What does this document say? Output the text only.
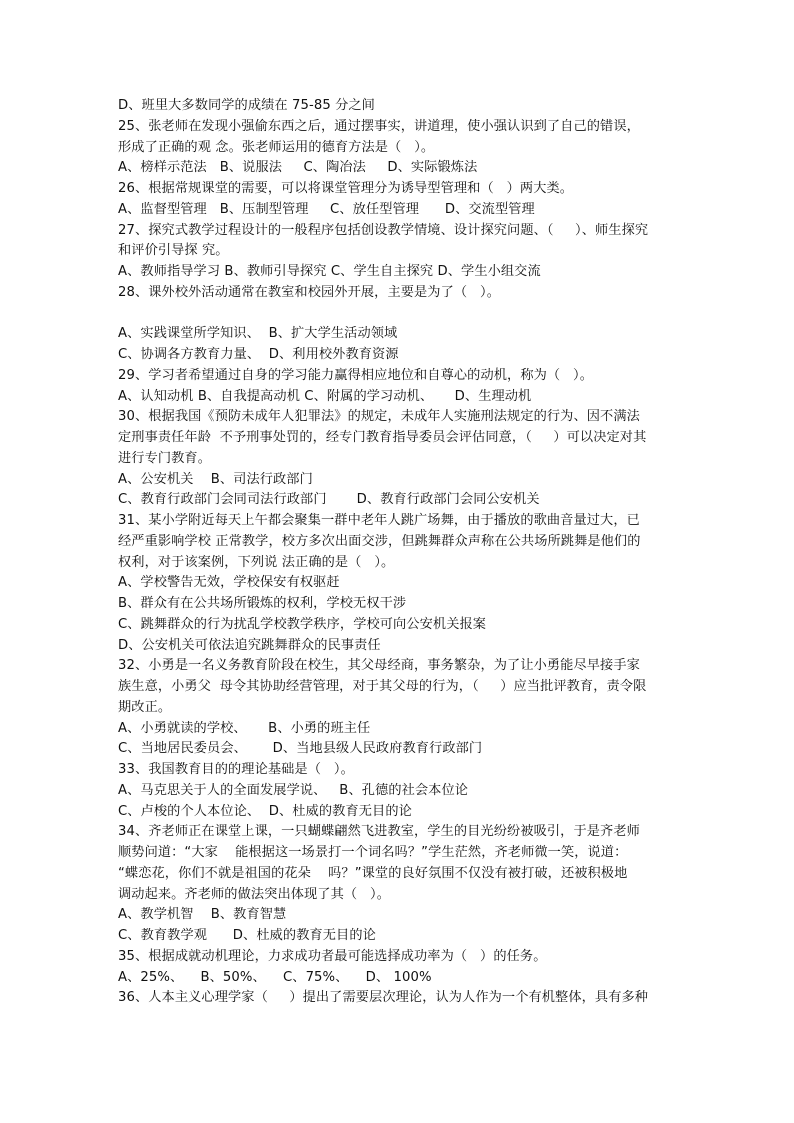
D、班里大多数同学的成绩在 75-85 分之间
25、张老师在发现小强偷东西之后，通过摆事实，讲道理，使小强认识到了自己的错误，
形成了正确的观 念。张老师运用的德育方法是（   ）。
A、榜样示范法   B、说服法     C、陶冶法     D、实际锻炼法
26、根据常规课堂的需要，可以将课堂管理分为诱导型管理和（   ）两大类。
A、监督型管理   B、压制型管理     C、放任型管理      D、交流型管理
27、探究式教学过程设计的一般程序包括创设教学情境、设计探究问题、（     ）、师生探究
和评价引导探 究。
A、教师指导学习 B、教师引导探究 C、学生自主探究 D、学生小组交流
28、课外校外活动通常在教室和校园外开展，主要是为了（   ）。
A、实践课堂所学知识、  B、扩大学生活动领域
C、协调各方教育力量、  D、利用校外教育资源
29、学习者希望通过自身的学习能力赢得相应地位和自尊心的动机，称为（   ）。
A、认知动机 B、自我提高动机 C、附属的学习动机、     D、生理动机
30、根据我国《预防未成年人犯罪法》的规定，未成年人实施刑法规定的行为、因不满法
定刑事责任年龄  不予刑事处罚的，经专门教育指导委员会评估同意，（     ）可以决定对其
进行专门教育。
A、公安机关    B、司法行政部门
C、教育行政部门会同司法行政部门       D、教育行政部门会同公安机关
31、某小学附近每天上午都会聚集一群中老年人跳广场舞，由于播放的歌曲音量过大，已
经严重影响学校 正常教学，校方多次出面交涉，但跳舞群众声称在公共场所跳舞是他们的
权利，对于该案例，下列说 法正确的是（   ）。
A、学校警告无效，学校保安有权驱赶
B、群众有在公共场所锻炼的权利，学校无权干涉
C、跳舞群众的行为扰乱学校教学秩序，学校可向公安机关报案
D、公安机关可依法追究跳舞群众的民事责任
32、小勇是一名义务教育阶段在校生，其父母经商，事务繁杂，为了让小勇能尽早接手家
族生意，小勇父  母令其协助经营管理，对于其父母的行为，（     ）应当批评教育，责令限
期改正。
A、小勇就读的学校、     B、小勇的班主任
C、当地居民委员会、      D、当地县级人民政府教育行政部门
33、我国教育目的的理论基础是（   ）。
A、马克思关于人的全面发展学说、   B、孔德的社会本位论
C、卢梭的个人本位论、  D、杜威的教育无目的论
34、齐老师正在课堂上课，一只蝴蝶翩然飞进教室，学生的目光纷纷被吸引，于是齐老师
顺势问道：“大家    能根据这一场景打一个词名吗？”学生茫然，齐老师微一笑，说道：
“蝶恋花，你们不就是祖国的花朵    吗？”课堂的良好氛围不仅没有被打破，还被积极地
调动起来。齐老师的做法突出体现了其（   ）。
A、教学机智    B、教育智慧
C、教育教学观      D、杜威的教育无目的论
35、根据成就动机理论，力求成功者最可能选择成功率为（   ）的任务。
A、25%、    B、50%、    C、75%、    D、 100%
36、人本主义心理学家（     ）提出了需要层次理论，认为人作为一个有机整体，具有多种
